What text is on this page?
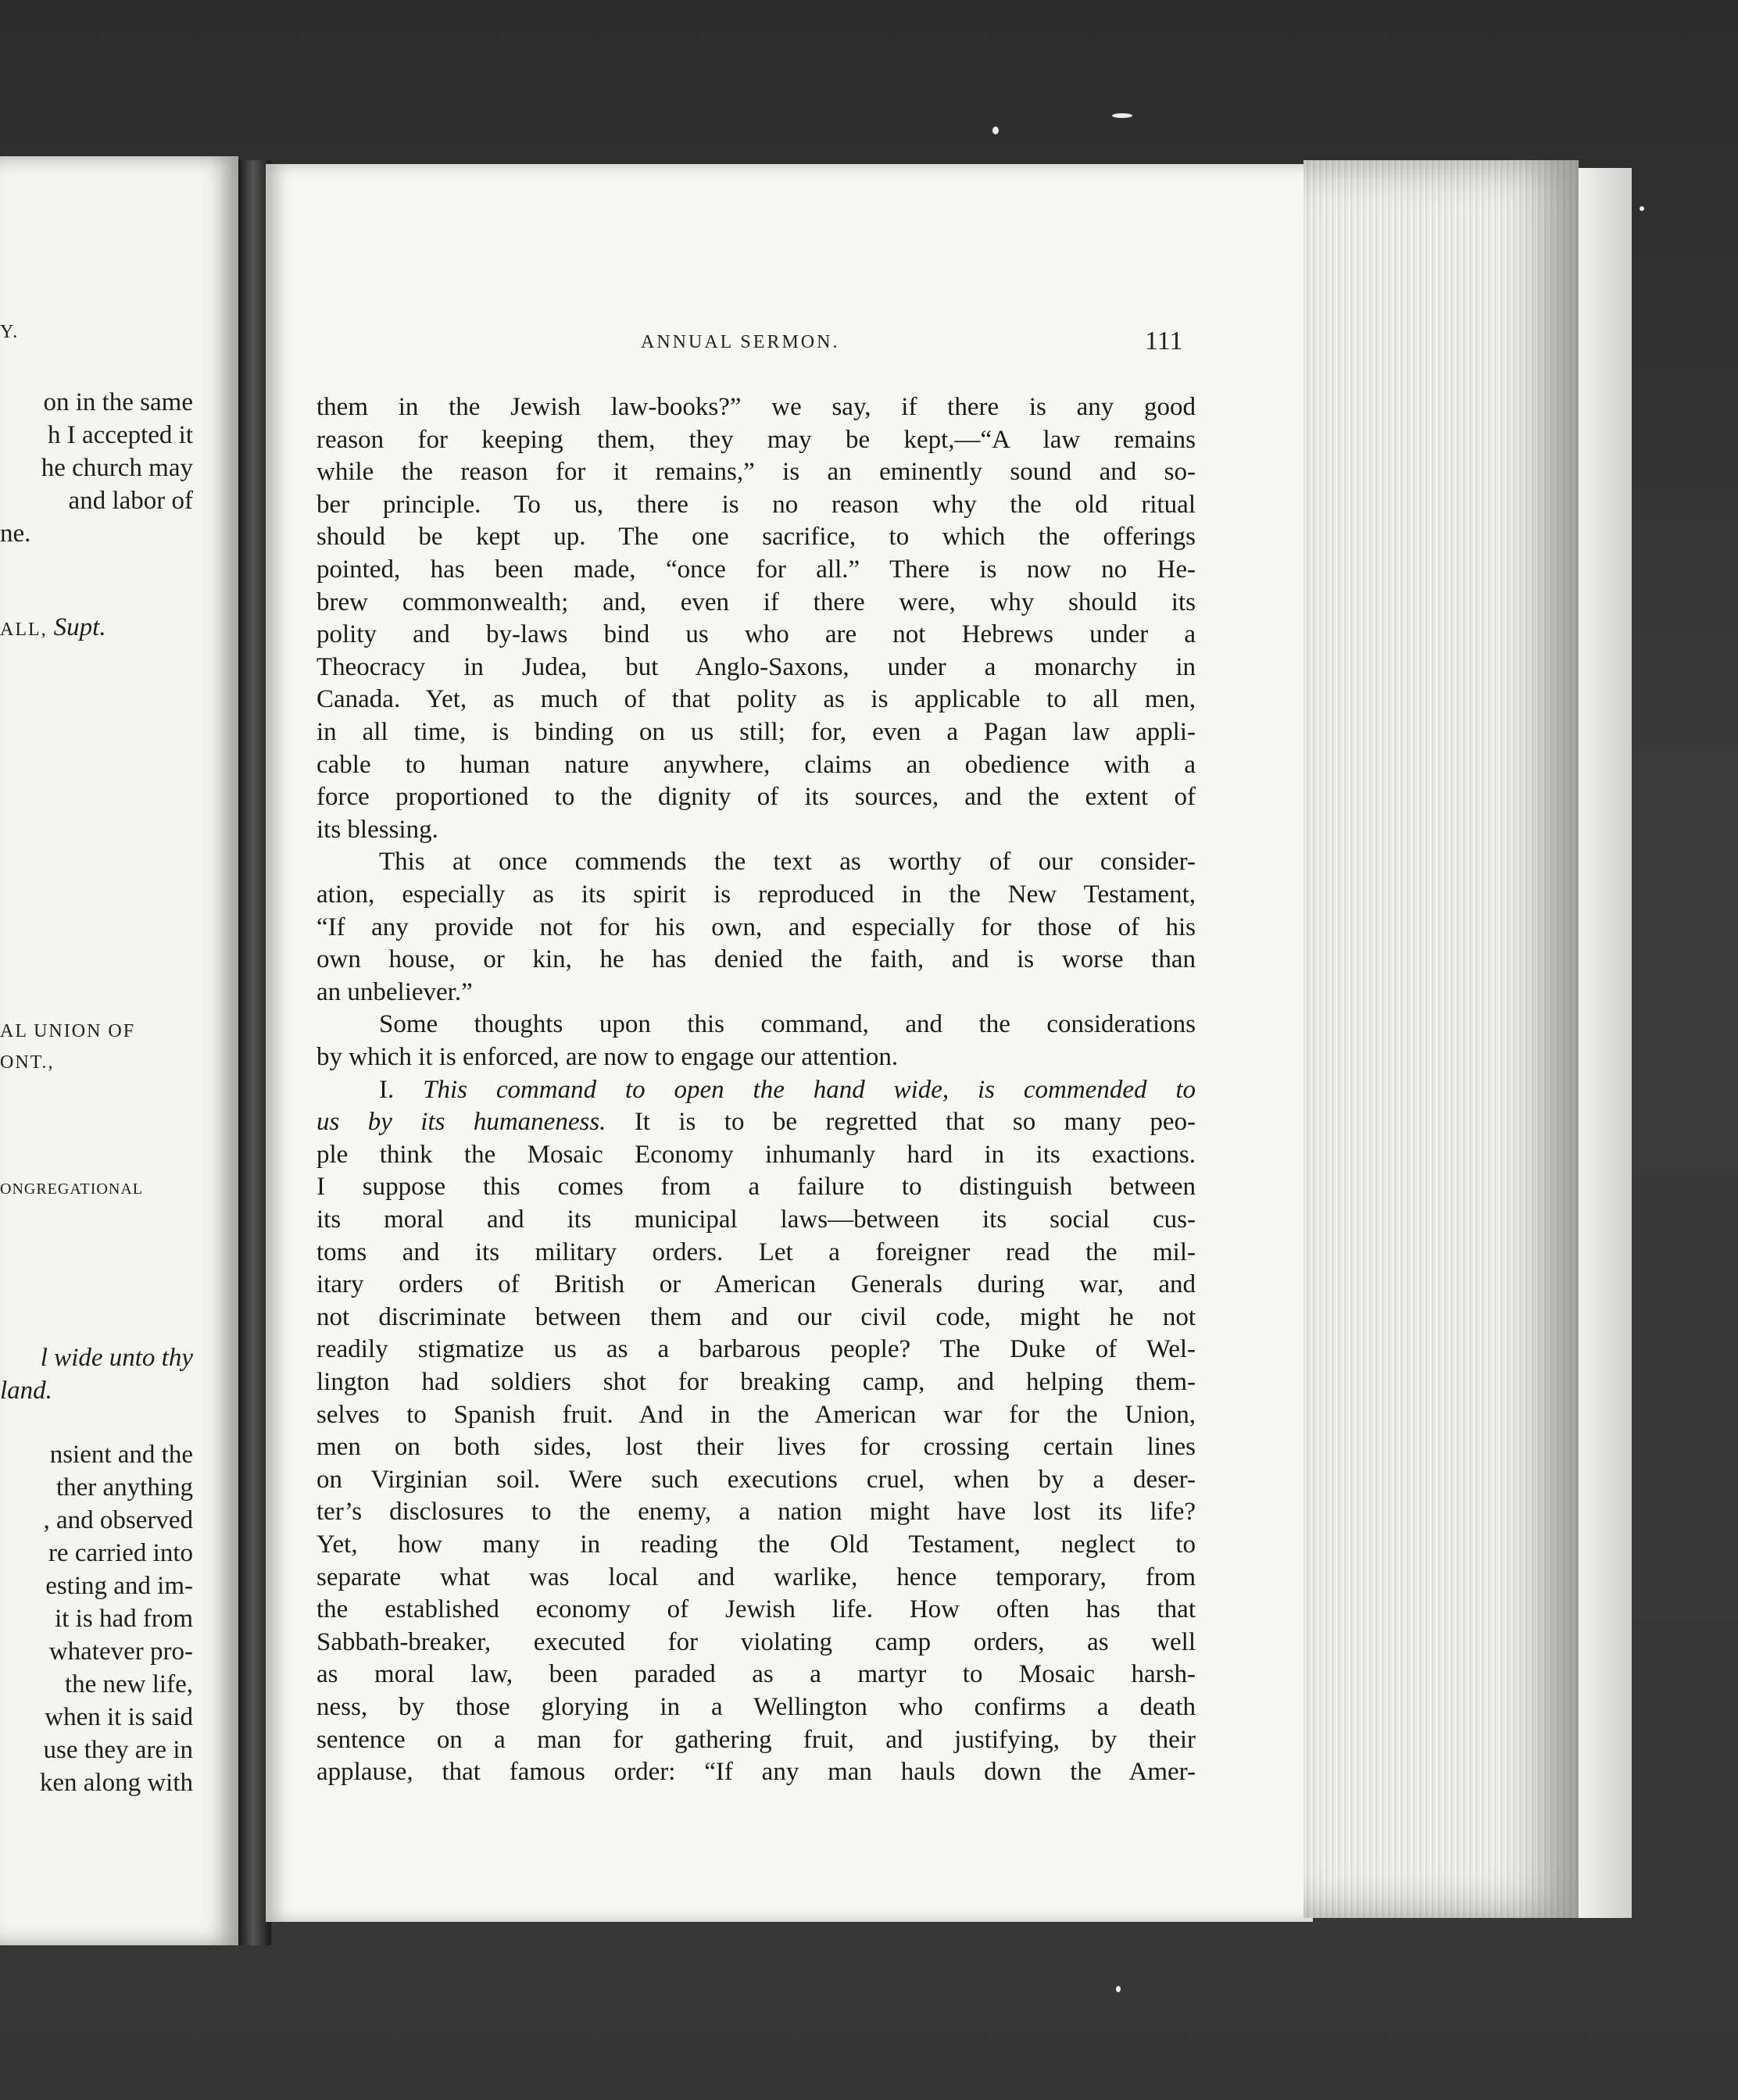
Y.
on in the same
h I accepted it
he church may
and labor of
ne.
ALL, Supt.
AL UNION OF
ONT.,
ONGREGATIONAL
l wide unto thy
land.
nsient and the
ther anything
, and observed
re carried into
esting and im-
it is had from
whatever pro-
the new life,
when it is said
use they are in
ken along with
ANNUAL SERMON.	111
them in the Jewish law-books?” we say, if there is any good
reason for keeping them, they may be kept,—“A law remains
while the reason for it remains,” is an eminently sound and so-
ber principle. To us, there is no reason why the old ritual
should be kept up. The one sacrifice, to which the offerings
pointed, has been made, “once for all.” There is now no He-
brew commonwealth; and, even if there were, why should its
polity and by-laws bind us who are not Hebrews under a
Theocracy in Judea, but Anglo-Saxons, under a monarchy in
Canada. Yet, as much of that polity as is applicable to all men,
in all time, is binding on us still; for, even a Pagan law appli-
cable to human nature anywhere, claims an obedience with a
force proportioned to the dignity of its sources, and the extent of
its blessing.
This at once commends the text as worthy of our consider-
ation, especially as its spirit is reproduced in the New Testament,
“If any provide not for his own, and especially for those of his
own house, or kin, he has denied the faith, and is worse than
an unbeliever.”
Some thoughts upon this command, and the considerations
by which it is enforced, are now to engage our attention.
I. This command to open the hand wide, is commended to
us by its humaneness. It is to be regretted that so many peo-
ple think the Mosaic Economy inhumanly hard in its exactions.
I suppose this comes from a failure to distinguish between
its moral and its municipal laws—between its social cus-
toms and its military orders. Let a foreigner read the mil-
itary orders of British or American Generals during war, and
not discriminate between them and our civil code, might he not
readily stigmatize us as a barbarous people? The Duke of Wel-
lington had soldiers shot for breaking camp, and helping them-
selves to Spanish fruit. And in the American war for the Union,
men on both sides, lost their lives for crossing certain lines
on Virginian soil. Were such executions cruel, when by a deser-
ter’s disclosures to the enemy, a nation might have lost its life?
Yet, how many in reading the Old Testament, neglect to
separate what was local and warlike, hence temporary, from
the established economy of Jewish life. How often has that
Sabbath-breaker, executed for violating camp orders, as well
as moral law, been paraded as a martyr to Mosaic harsh-
ness, by those glorying in a Wellington who confirms a death
sentence on a man for gathering fruit, and justifying, by their
applause, that famous order: “If any man hauls down the Amer-
